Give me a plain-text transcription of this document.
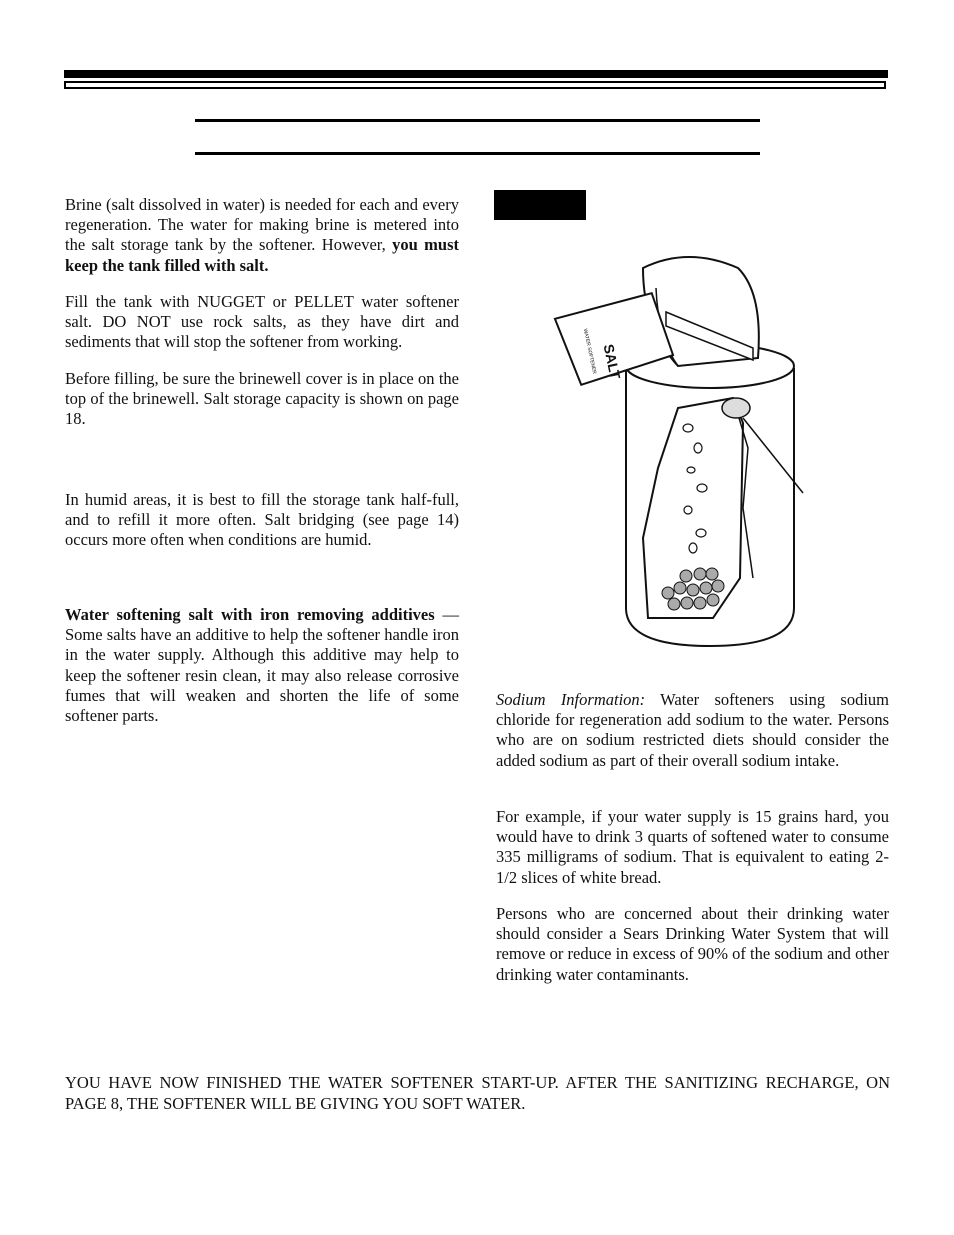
Brine (salt dissolved in water) is needed for each and every regeneration. The water for making brine is metered into the salt storage tank by the softener. However, you must keep the tank filled with salt.

Fill the tank with NUGGET or PELLET water softener salt. DO NOT use rock salts, as they have dirt and sediments that will stop the softener from working.

Before filling, be sure the brinewell cover is in place on the top of the brinewell. Salt storage capacity is shown on page 18.

In humid areas, it is best to fill the storage tank half-full, and to refill it more often. Salt bridging (see page 14) occurs more often when conditions are humid.

Water softening salt with iron removing additives — Some salts have an additive to help the softener handle iron in the water supply. Although this additive may help to keep the softener resin clean, it may also release corrosive fumes that will weaken and shorten the life of some softener parts.

SALT
WATER SOFTENER

Sodium Information: Water softeners using sodium chloride for regeneration add sodium to the water. Persons who are on sodium restricted diets should consider the added sodium as part of their overall sodium intake.

For example, if your water supply is 15 grains hard, you would have to drink 3 quarts of softened water to consume 335 milligrams of sodium. That is equivalent to eating 2-1/2 slices of white bread.

Persons who are concerned about their drinking water should consider a Sears Drinking Water System that will remove or reduce in excess of 90% of the sodium and other drinking water contaminants.

YOU HAVE NOW FINISHED THE WATER SOFTENER START-UP. AFTER THE SANITIZING RECHARGE, ON PAGE 8, THE SOFTENER WILL BE GIVING YOU SOFT WATER.
